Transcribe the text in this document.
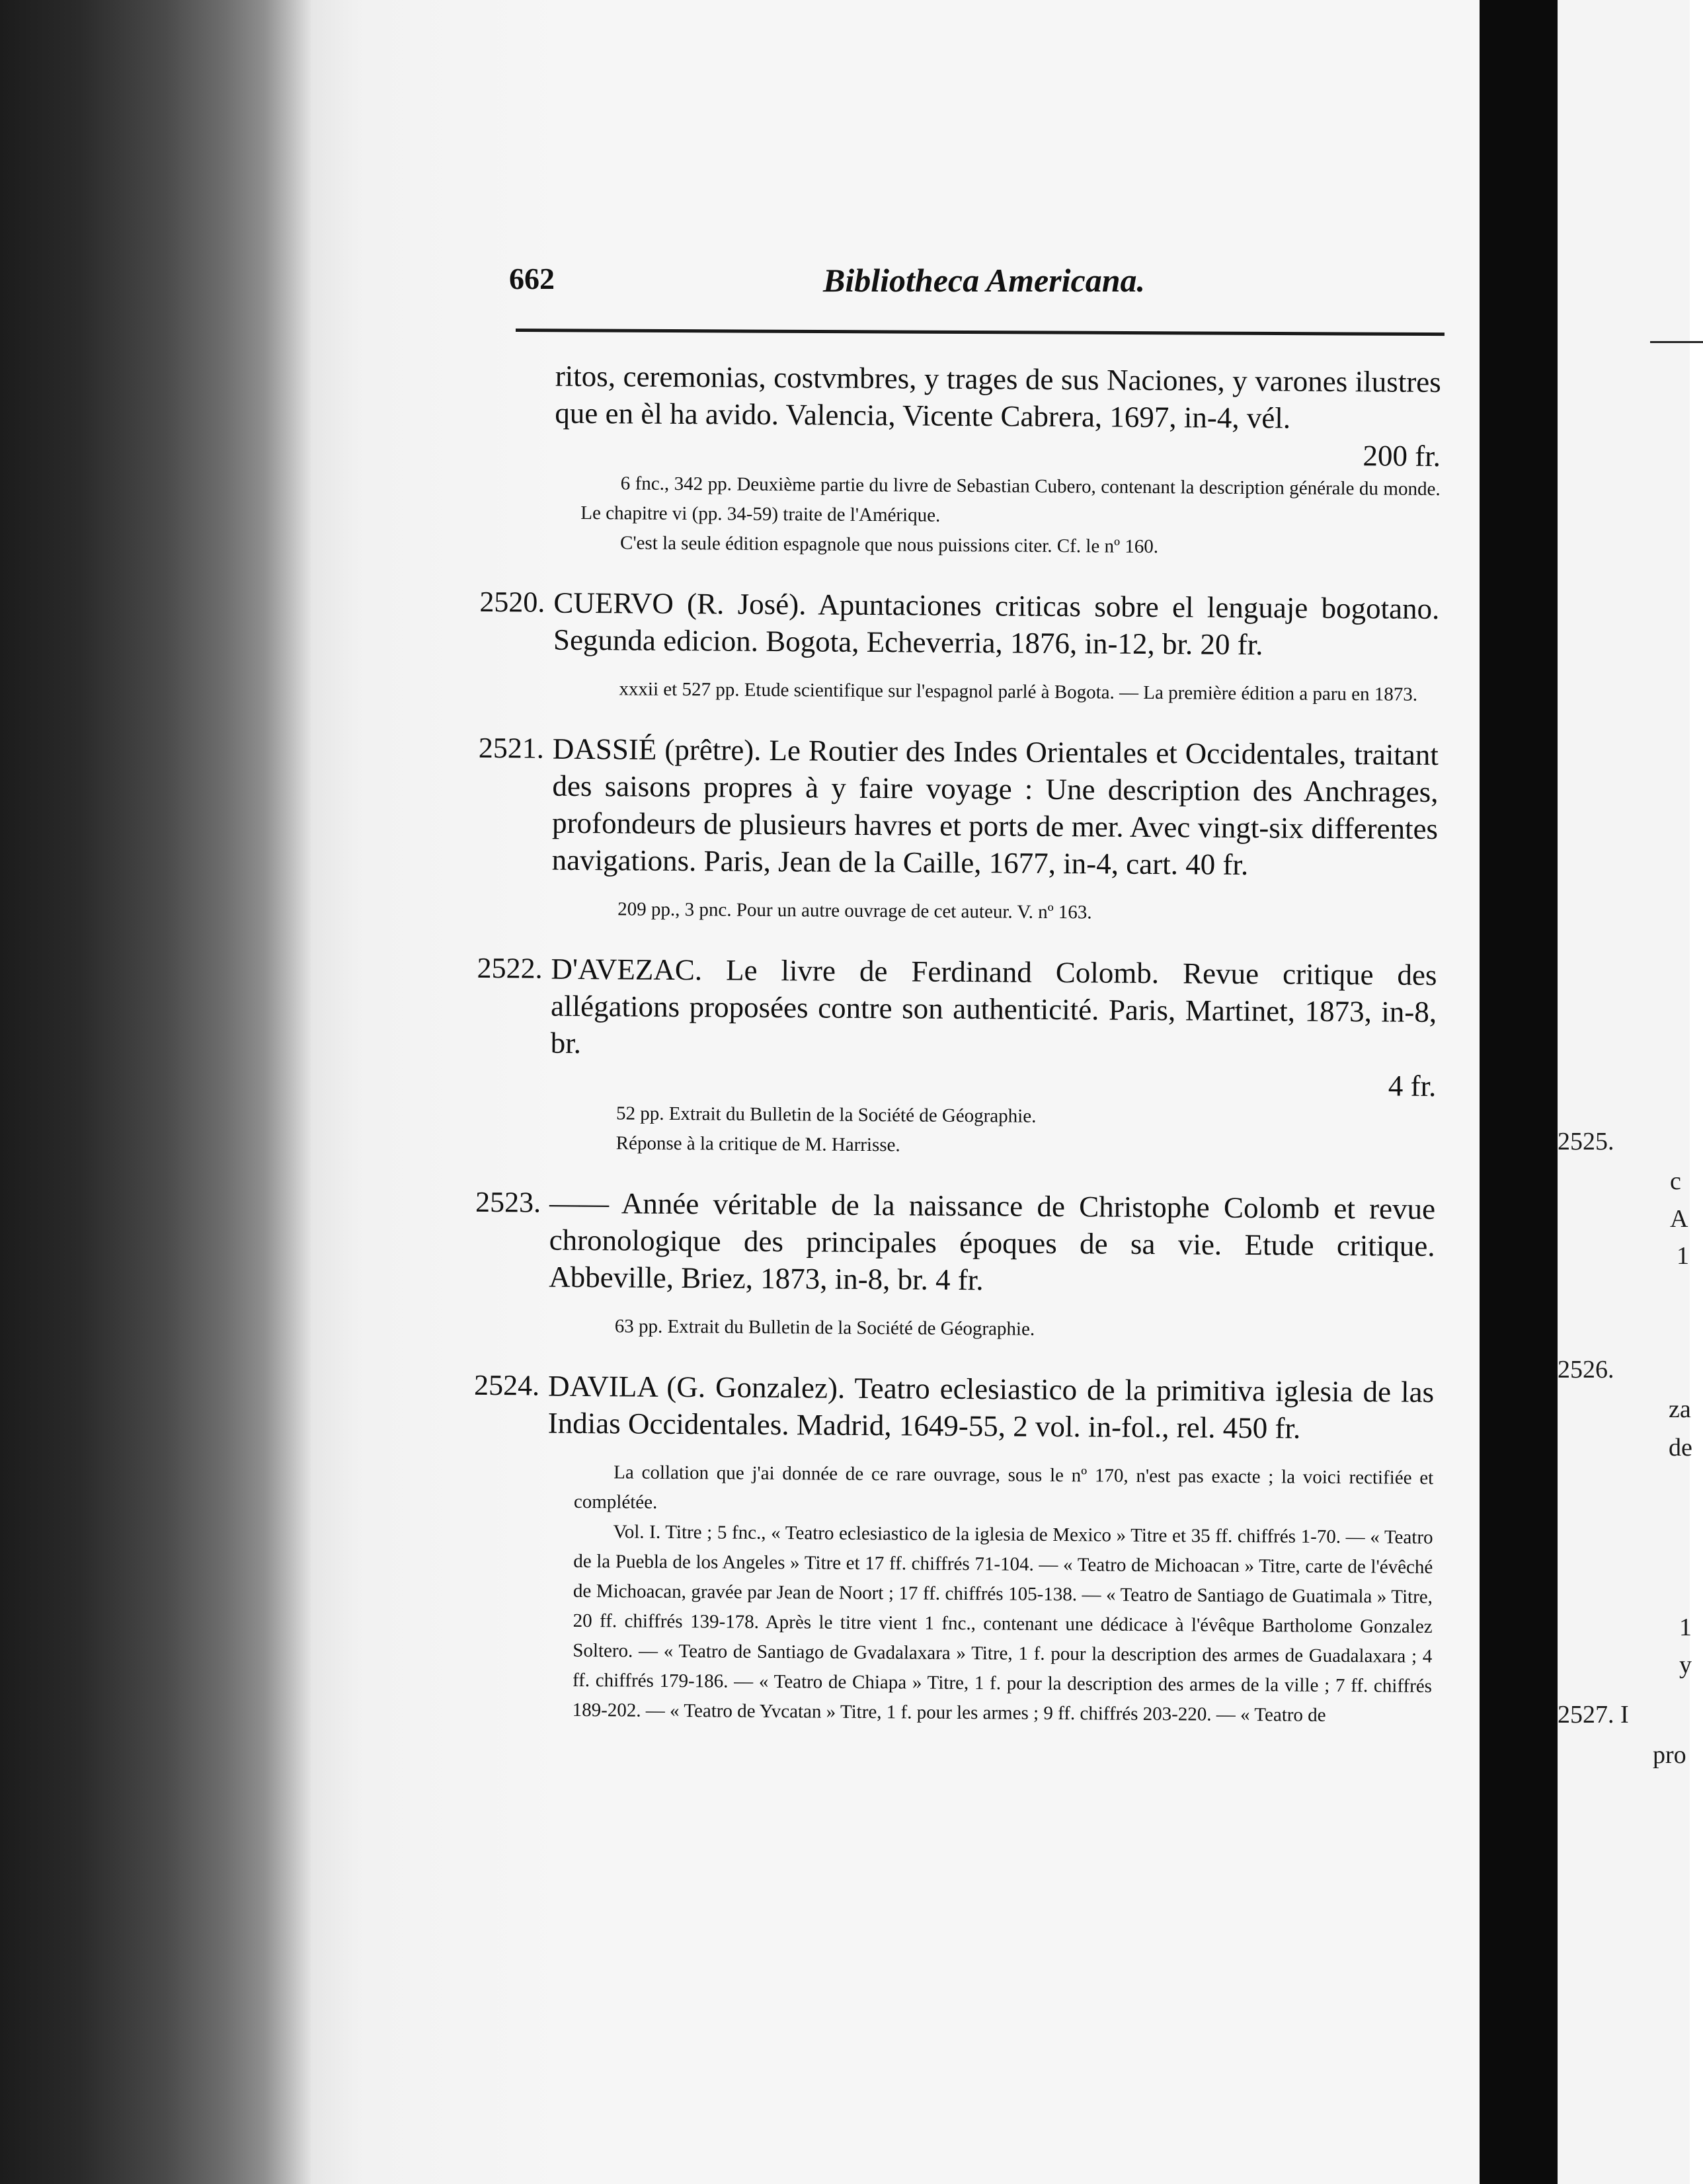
662	Bibliotheca Americana.
ritos, ceremonias, costvmbres, y trages de sus Naciones, y varones ilustres que en èl ha avido. Valencia, Vicente Cabrera, 1697, in-4, vél.
200 fr.
6 fnc., 342 pp. Deuxième partie du livre de Sebastian Cubero, contenant la description générale du monde. Le chapitre vi (pp. 34-59) traite de l'Amérique.
C'est la seule édition espagnole que nous puissions citer. Cf. le nº 160.
2520. CUERVO (R. José). Apuntaciones criticas sobre el lenguaje bogotano. Segunda edicion. Bogota, Echeverria, 1876, in-12, br. 20 fr.
xxxii et 527 pp. Etude scientifique sur l'espagnol parlé à Bogota. — La première édition a paru en 1873.
2521. DASSIÉ (prêtre). Le Routier des Indes Orientales et Occidentales, traitant des saisons propres à y faire voyage : Une description des Anchrages, profondeurs de plusieurs havres et ports de mer. Avec vingt-six differentes navigations. Paris, Jean de la Caille, 1677, in-4, cart. 40 fr.
209 pp., 3 pnc. Pour un autre ouvrage de cet auteur. V. nº 163.
2522. D'AVEZAC. Le livre de Ferdinand Colomb. Revue critique des allégations proposées contre son authenticité. Paris, Martinet, 1873, in-8, br.
4 fr.
52 pp. Extrait du Bulletin de la Société de Géographie.
Réponse à la critique de M. Harrisse.
2523. —— Année véritable de la naissance de Christophe Colomb et revue chronologique des principales époques de sa vie. Etude critique. Abbeville, Briez, 1873, in-8, br. 4 fr.
63 pp. Extrait du Bulletin de la Société de Géographie.
2524. DAVILA (G. Gonzalez). Teatro eclesiastico de la primitiva iglesia de las Indias Occidentales. Madrid, 1649-55, 2 vol. in-fol., rel. 450 fr.
La collation que j'ai donnée de ce rare ouvrage, sous le nº 170, n'est pas exacte ; la voici rectifiée et complétée.
Vol. I. Titre ; 5 fnc., « Teatro eclesiastico de la iglesia de Mexico » Titre et 35 ff. chiffrés 1-70. — « Teatro de la Puebla de los Angeles » Titre et 17 ff. chiffrés 71-104. — « Teatro de Michoacan » Titre, carte de l'évêché de Michoacan, gravée par Jean de Noort ; 17 ff. chiffrés 105-138. — « Teatro de Santiago de Guatimala » Titre, 20 ff. chiffrés 139-178. Après le titre vient 1 fnc., contenant une dédicace à l'évêque Bartholome Gonzalez Soltero. — « Teatro de Santiago de Gvadalaxara » Titre, 1 f. pour la description des armes de Guadalaxara ; 4 ff. chiffrés 179-186. — « Teatro de Chiapa » Titre, 1 f. pour la description des armes de la ville ; 7 ff. chiffrés 189-202. — « Teatro de Yvcatan » Titre, 1 f. pour les armes ; 9 ff. chiffrés 203-220. — « Teatro de
2525.
c
A
1
2526.
za
de
1
y
2527. I
pro
